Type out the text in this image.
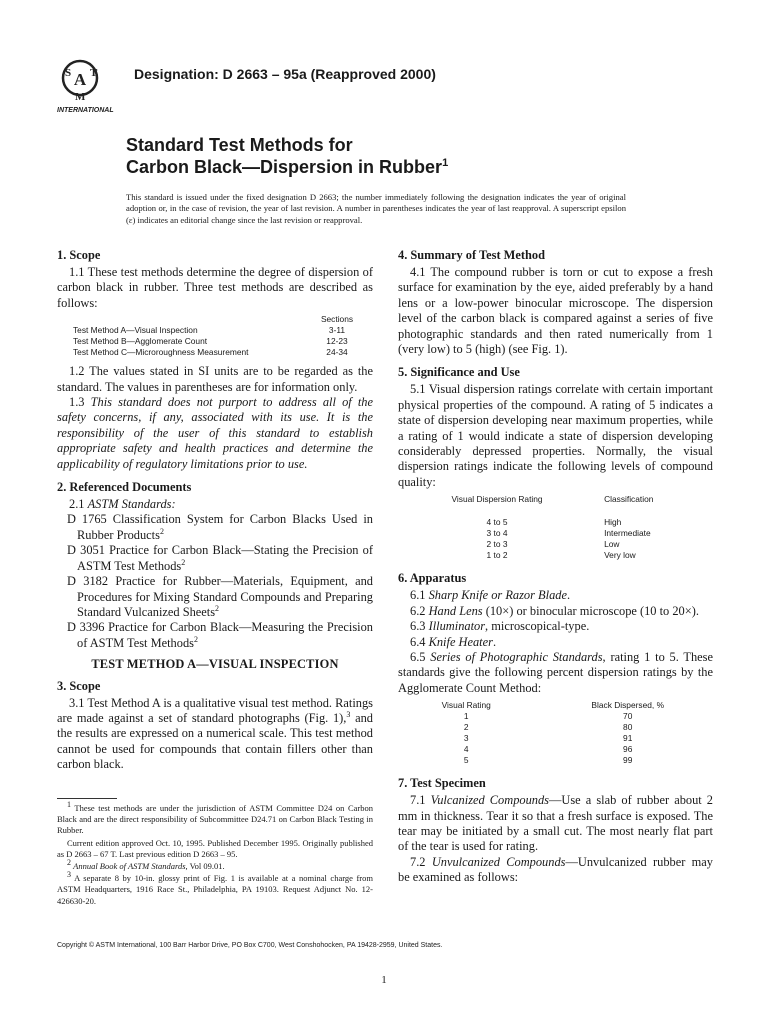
A
S T
M
INTERNATIONAL
Designation: D 2663 – 95a (Reapproved 2000)
Standard Test Methods for
Carbon Black—Dispersion in Rubber$^1$

This standard is issued under the fixed designation D 2663; the number immediately following the designation indicates the year of original adoption or, in the case of revision, the year of last revision. A number in parentheses indicates the year of last reapproval. A superscript epsilon (ε) indicates an editorial change since the last revision or reapproval.

1. Scope

1.1 These test methods determine the degree of dispersion of carbon black in rubber. Three test methods are described as follows:

Sections
Test Method A—Visual Inspection	3-11
Test Method B—Agglomerate Count	12-23
Test Method C—Microroughness Measurement	24-34

1.2 The values stated in SI units are to be regarded as the standard. The values in parentheses are for information only.

1.3 This standard does not purport to address all of the safety concerns, if any, associated with its use. It is the responsibility of the user of this standard to establish appropriate safety and health practices and determine the applicability of regulatory limitations prior to use.

2. Referenced Documents

2.1 ASTM Standards:

D 1765 Classification System for Carbon Blacks Used in Rubber Products$^2$

D 3051 Practice for Carbon Black—Stating the Precision of ASTM Test Methods$^2$

D 3182 Practice for Rubber—Materials, Equipment, and Procedures for Mixing Standard Compounds and Preparing Standard Vulcanized Sheets$^2$

D 3396 Practice for Carbon Black—Measuring the Precision of ASTM Test Methods$^2$

TEST METHOD A—VISUAL INSPECTION
3. Scope

3.1 Test Method A is a qualitative visual test method. Ratings are made against a set of standard photographs (Fig. 1),$^3$ and the results are expressed on a numerical scale. This test method cannot be used for compounds that contain fillers other than carbon black.

$^1$ These test methods are under the jurisdiction of ASTM Committee D24 on Carbon Black and are the direct responsibility of Subcommittee D24.71 on Carbon Black Testing in Rubber.

Current edition approved Oct. 10, 1995. Published December 1995. Originally published as D 2663 – 67 T. Last previous edition D 2663 – 95.

$^2$ Annual Book of ASTM Standards, Vol 09.01.

$^3$ A separate 8 by 10-in. glossy print of Fig. 1 is available at a nominal charge from ASTM Headquarters, 1916 Race St., Philadelphia, PA 19103. Request Adjunct No. 12-426630-20.

4. Summary of Test Method

4.1 The compound rubber is torn or cut to expose a fresh surface for examination by the eye, aided preferably by a hand lens or a low-power binocular microscope. The dispersion level of the carbon black is compared against a series of five photographic standards and then rated numerically from 1 (very low) to 5 (high) (see Fig. 1).

5. Significance and Use

5.1 Visual dispersion ratings correlate with certain important physical properties of the compound. A rating of 5 indicates a state of dispersion developing near maximum properties, while a rating of 1 would indicate a state of dispersion developing considerably depressed properties. Normally, the visual dispersion ratings indicate the following levels of compound quality:

Visual Dispersion Rating	Classification
4 to 5	High
3 to 4	Intermediate
2 to 3	Low
1 to 2	Very low
6. Apparatus

6.1 Sharp Knife or Razor Blade.

6.2 Hand Lens (10×) or binocular microscope (10 to 20×).

6.3 Illuminator, microscopical-type.

6.4 Knife Heater.

6.5 Series of Photographic Standards, rating 1 to 5. These standards give the following percent dispersion ratings by the Agglomerate Count Method:

Visual Rating	Black Dispersed, %
1	70
2	80
3	91
4	96
5	99
7. Test Specimen

7.1 Vulcanized Compounds—Use a slab of rubber about 2 mm in thickness. Tear it so that a fresh surface is exposed. The tear may be initiated by a small cut. The most nearly flat part of the tear is used for rating.

7.2 Unvulcanized Compounds—Unvulcanized rubber may be examined as follows:

Copyright © ASTM International, 100 Barr Harbor Drive, PO Box C700, West Conshohocken, PA 19428-2959, United States.
1
